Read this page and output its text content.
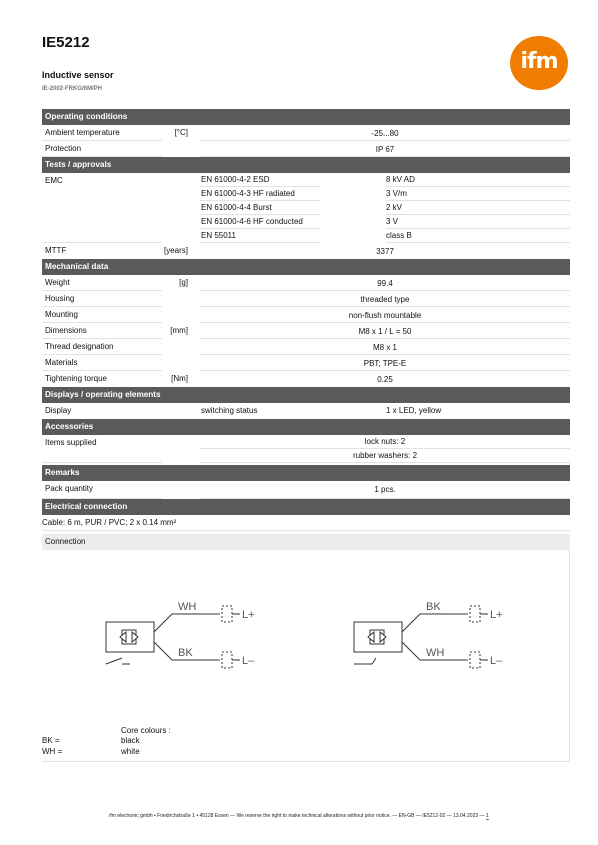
IE5212
Inductive sensor
IE-2002-FRKG/6M/PH
ifm
Operating conditions
Ambient temperature	[°C]	-25...80
Protection	IP 67
Tests / approvals
EMC	EN 61000-4-2 ESD	8 kV AD
EN 61000-4-3 HF radiated	3 V/m
EN 61000-4-4 Burst	2 kV
EN 61000-4-6 HF conducted	3 V
EN 55011	class B
MTTF	[years]	3377
Mechanical data
Weight	[g]	99.4
Housing	threaded type
Mounting	non-flush mountable
Dimensions	[mm]	M8 x 1 / L = 50
Thread designation	M8 x 1
Materials	PBT; TPE-E
Tightening torque	[Nm]	0.25
Displays / operating elements
Display	switching status	1 x LED, yellow
Accessories
Items supplied	lock nuts: 2
rubber washers: 2
Remarks
Pack quantity	1 pcs.
Electrical connection
Cable: 6 m, PUR / PVC; 2 x 0.14 mm²
Connection
WH
BK
L+
L–
BK
WH
L+
L–
Core colours :
BK =	black
WH =	white
ifm electronic gmbh • Friedrichstraße 1 • 45128 Essen — We reserve the right to make technical alterations without prior notice. — EN-GB — IE5212-02 — 13.04.2023 — 1
